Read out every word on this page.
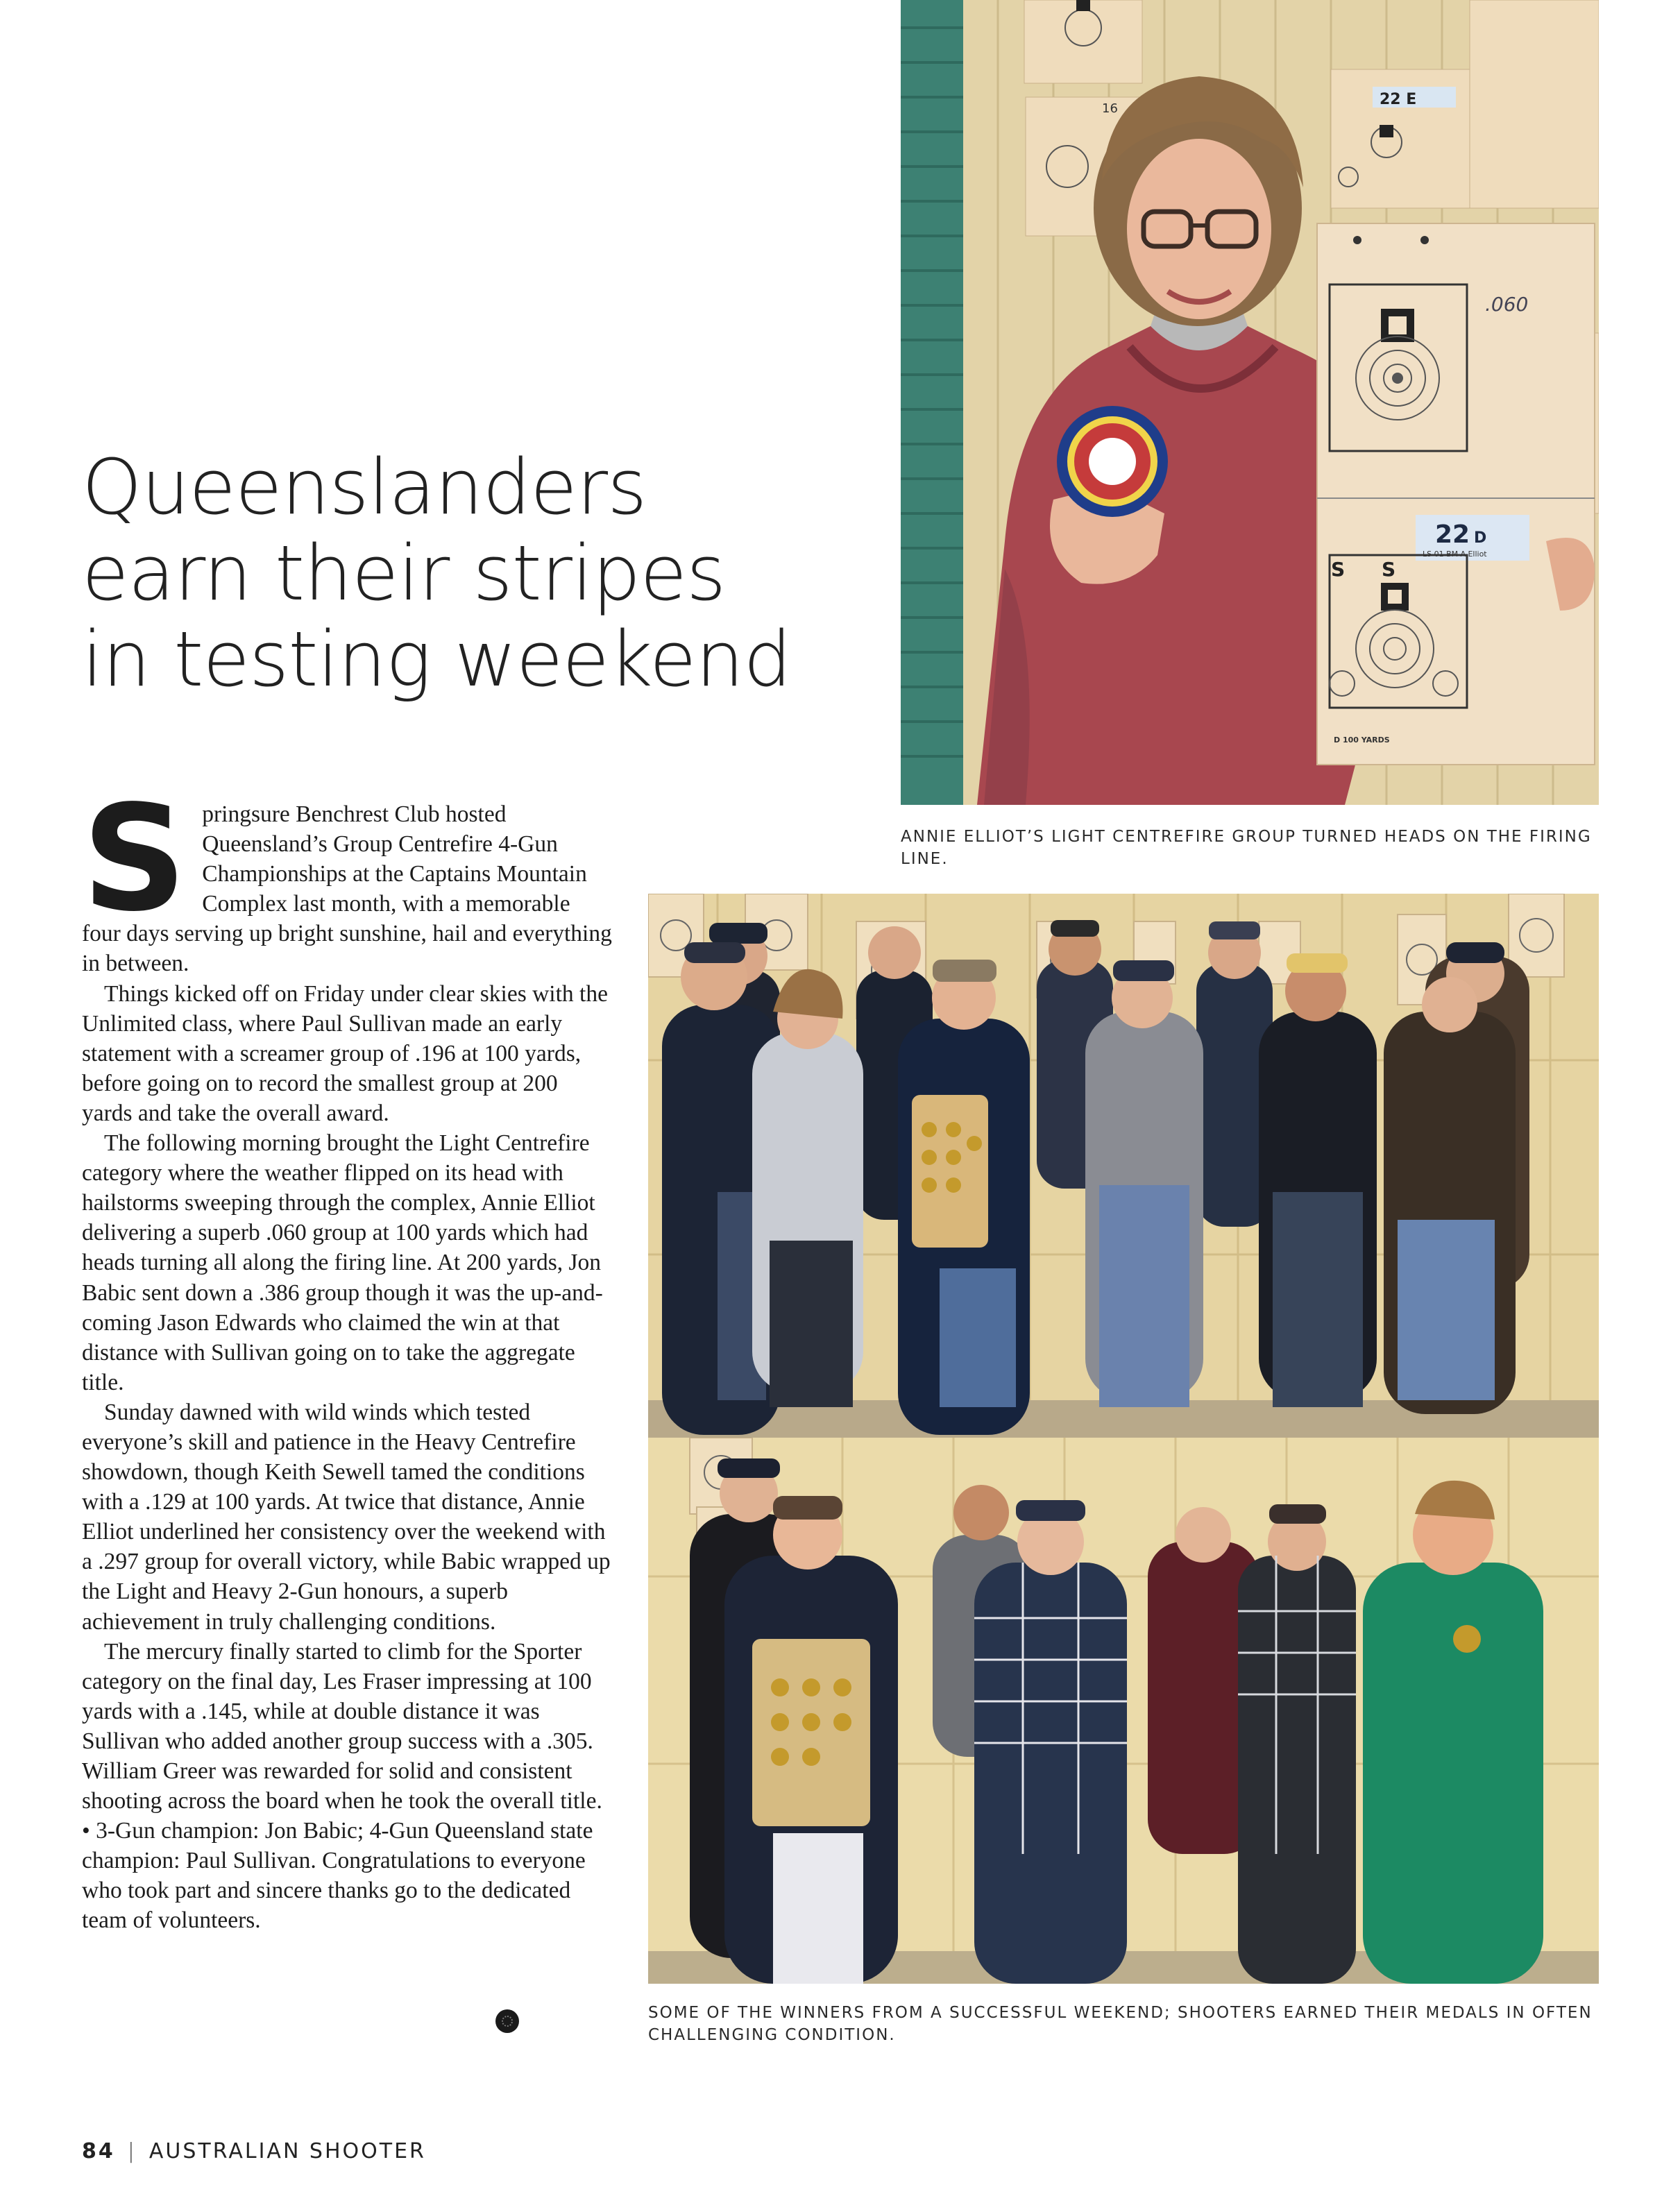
Queenslanders
earn their stripes
in testing weekend
16
22 E
.060
22 D
LS 01 BM A.Elliot
S S
D 100 YARDS

ANNIE ELLIOT’S LIGHT CENTREFIRE GROUP TURNED HEADS ON THE FIRING LINE.

SOME OF THE WINNERS FROM A SUCCESSFUL WEEKEND; SHOOTERS EARNED THEIR MEDALS IN OFTEN CHALLENGING CONDITION.

Springsure Benchrest Club hosted Queensland’s Group Centrefire 4-Gun Championships at the Captains Mountain Complex last month, with a memorable four days serving up bright sunshine, hail and everything in between.

Things kicked off on Friday under clear skies with the Unlimited class, where Paul Sullivan made an early statement with a screamer group of .196 at 100 yards, before going on to record the smallest group at 200 yards and take the overall award.

The following morning brought the Light Centrefire category where the weather flipped on its head with hailstorms sweeping through the complex, Annie Elliot delivering a superb .060 group at 100 yards which had heads turning all along the firing line. At 200 yards, Jon Babic sent down a .386 group though it was the up-and-coming Jason Edwards who claimed the win at that distance with Sullivan going on to take the aggregate title.

Sunday dawned with wild winds which tested everyone’s skill and patience in the Heavy Centrefire showdown, though Keith Sewell tamed the conditions with a .129 at 100 yards. At twice that distance, Annie Elliot underlined her consistency over the weekend with a .297 group for overall victory, while Babic wrapped up the Light and Heavy 2-Gun honours, a superb achievement in truly challenging conditions.

The mercury finally started to climb for the Sporter category on the final day, Les Fraser impressing at 100 yards with a .145, while at double distance it was Sullivan who added another group success with a .305. William Greer was rewarded for solid and consistent shooting across the board when he took the overall title.

• 3-Gun champion: Jon Babic; 4-Gun Queensland state champion: Paul Sullivan. Congratulations to everyone who took part and sincere thanks go to the dedicated team of volunteers.

84 | AUSTRALIAN SHOOTER
